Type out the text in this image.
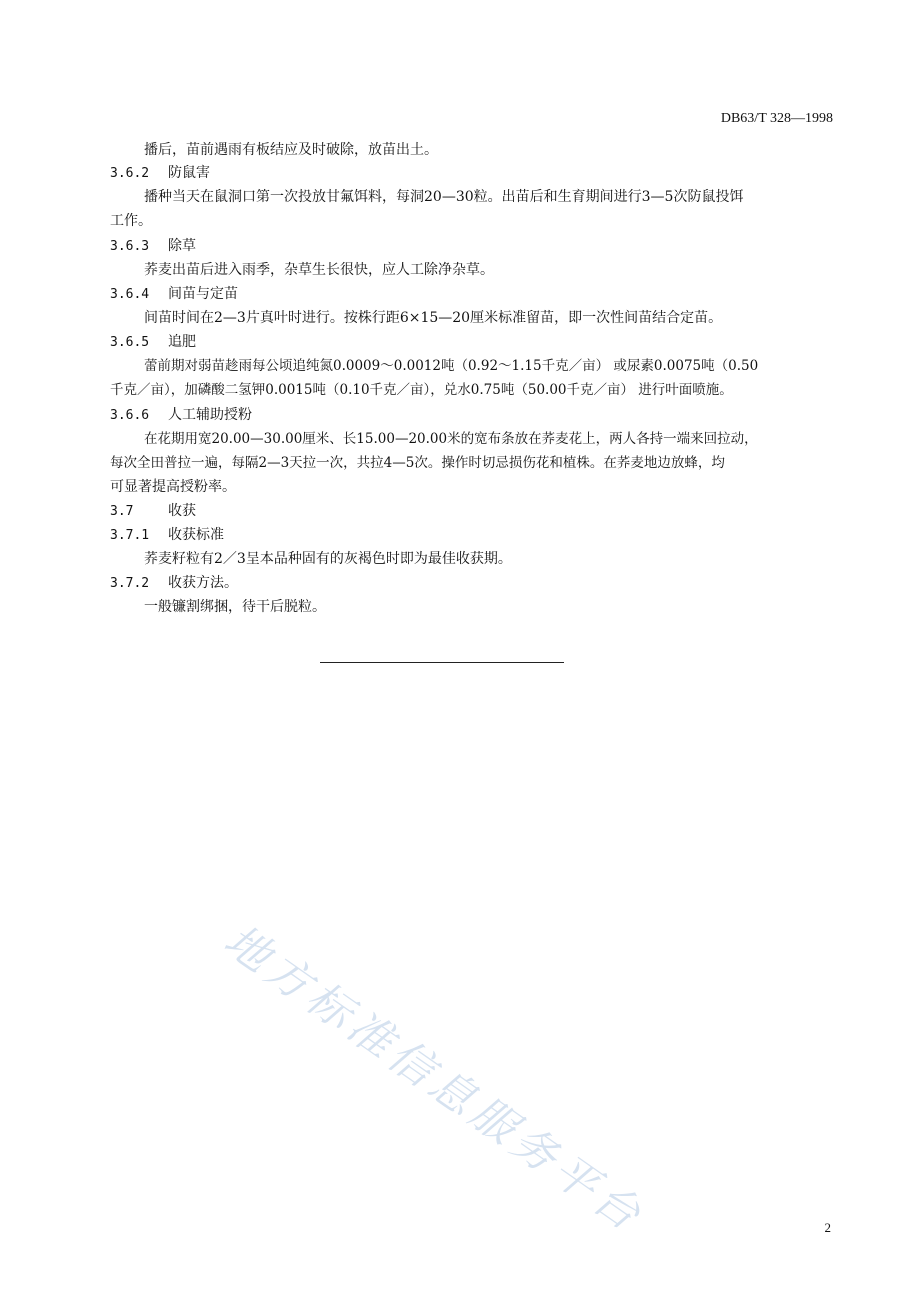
DB63/T 328—1998
播后，苗前遇雨有板结应及时破除，放苗出土。
3.6.2 防鼠害
播种当天在鼠洞口第一次投放甘氟饵料，每洞20—30粒。出苗后和生育期间进行3—5次防鼠投饵
工作。
3.6.3 除草
荞麦出苗后进入雨季，杂草生长很快，应人工除净杂草。
3.6.4 间苗与定苗
间苗时间在2—3片真叶时进行。按株行距6×15—20厘米标准留苗，即一次性间苗结合定苗。
3.6.5 追肥
蕾前期对弱苗趁雨每公顷追纯氮0.0009～0.0012吨（0.92～1.15千克／亩） 或尿素0.0075吨（0.50
千克／亩），加磷酸二氢钾0.0015吨（0.10千克／亩），兑水0.75吨（50.00千克／亩） 进行叶面喷施。
3.6.6 人工辅助授粉
在花期用宽20.00—30.00厘米、长15.00—20.00米的宽布条放在荞麦花上，两人各持一端来回拉动，
每次全田普拉一遍，每隔2—3天拉一次，共拉4—5次。操作时切忌损伤花和植株。在荞麦地边放蜂，均
可显著提高授粉率。
3.7 收获
3.7.1 收获标准
荞麦籽粒有2／3呈本品种固有的灰褐色时即为最佳收获期。
3.7.2 收获方法。
一般镰割绑捆，待干后脱粒。
地方标准信息服务平台	2
